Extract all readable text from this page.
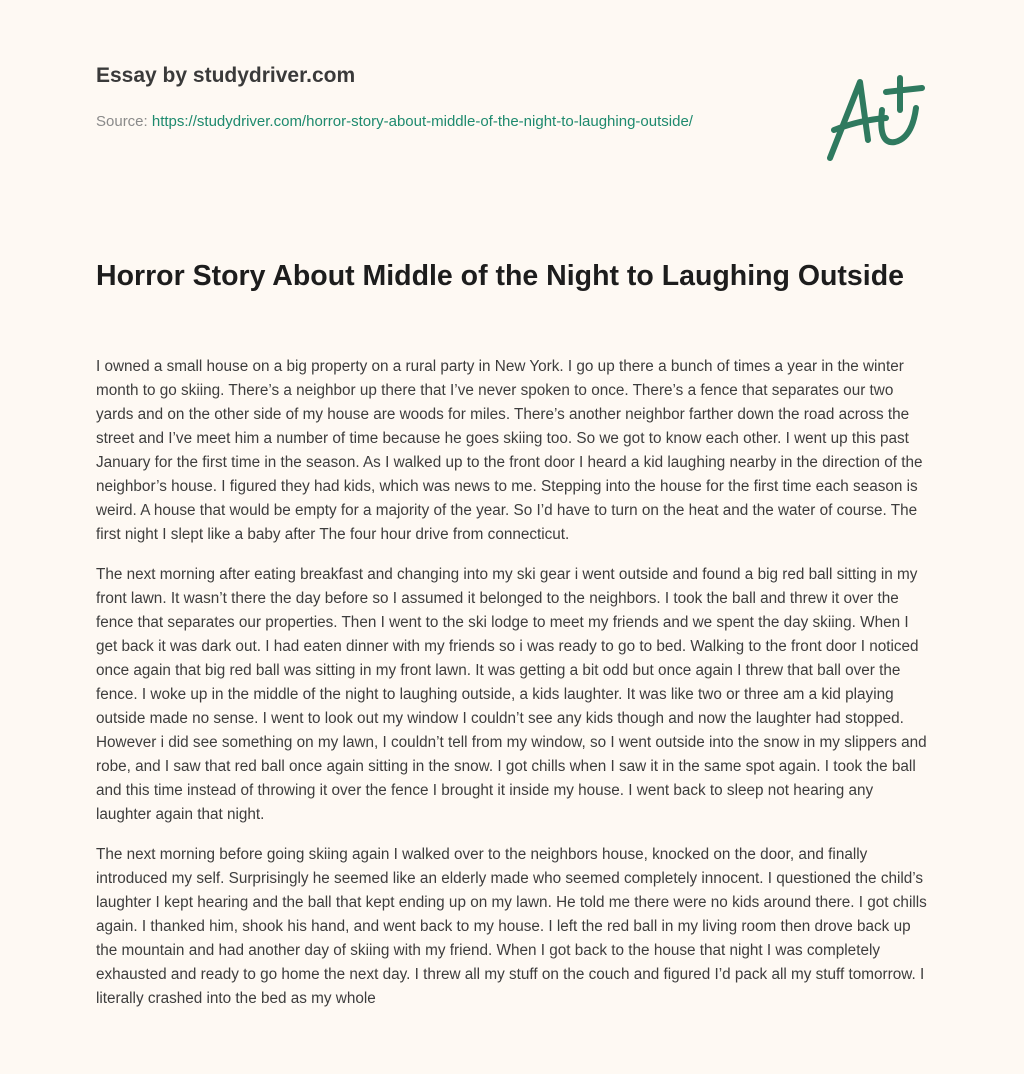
Essay by studydriver.com
Source: https://studydriver.com/horror-story-about-middle-of-the-night-to-laughing-outside/
Horror Story About Middle of the Night to Laughing Outside

I owned a small house on a big property on a rural party in New York. I go up there a bunch of times a year in the winter month to go skiing. There’s a neighbor up there that I’ve never spoken to once. There’s a fence that separates our two yards and on the other side of my house are woods for miles. There’s another neighbor farther down the road across the street and I’ve meet him a number of time because he goes skiing too. So we got to know each other. I went up this past January for the first time in the season. As I walked up to the front door I heard a kid laughing nearby in the direction of the neighbor’s house. I figured they had kids, which was news to me. Stepping into the house for the first time each season is weird. A house that would be empty for a majority of the year. So I’d have to turn on the heat and the water of course. The first night I slept like a baby after The four hour drive from connecticut.

The next morning after eating breakfast and changing into my ski gear i went outside and found a big red ball sitting in my front lawn. It wasn’t there the day before so I assumed it belonged to the neighbors. I took the ball and threw it over the fence that separates our properties. Then I went to the ski lodge to meet my friends and we spent the day skiing. When I get back it was dark out. I had eaten dinner with my friends so i was ready to go to bed. Walking to the front door I noticed once again that big red ball was sitting in my front lawn. It was getting a bit odd but once again I threw that ball over the fence. I woke up in the middle of the night to laughing outside, a kids laughter. It was like two or three am a kid playing outside made no sense. I went to look out my window I couldn’t see any kids though and now the laughter had stopped. However i did see something on my lawn, I couldn’t tell from my window, so I went outside into the snow in my slippers and robe, and I saw that red ball once again sitting in the snow. I got chills when I saw it in the same spot again. I took the ball and this time instead of throwing it over the fence I brought it inside my house. I went back to sleep not hearing any laughter again that night.

The next morning before going skiing again I walked over to the neighbors house, knocked on the door, and finally introduced my self. Surprisingly he seemed like an elderly made who seemed completely innocent. I questioned the child’s laughter I kept hearing and the ball that kept ending up on my lawn. He told me there were no kids around there. I got chills again. I thanked him, shook his hand, and went back to my house. I left the red ball in my living room then drove back up the mountain and had another day of skiing with my friend. When I got back to the house that night I was completely exhausted and ready to go home the next day. I threw all my stuff on the couch and figured I’d pack all my stuff tomorrow. I literally crashed into the bed as my whole
